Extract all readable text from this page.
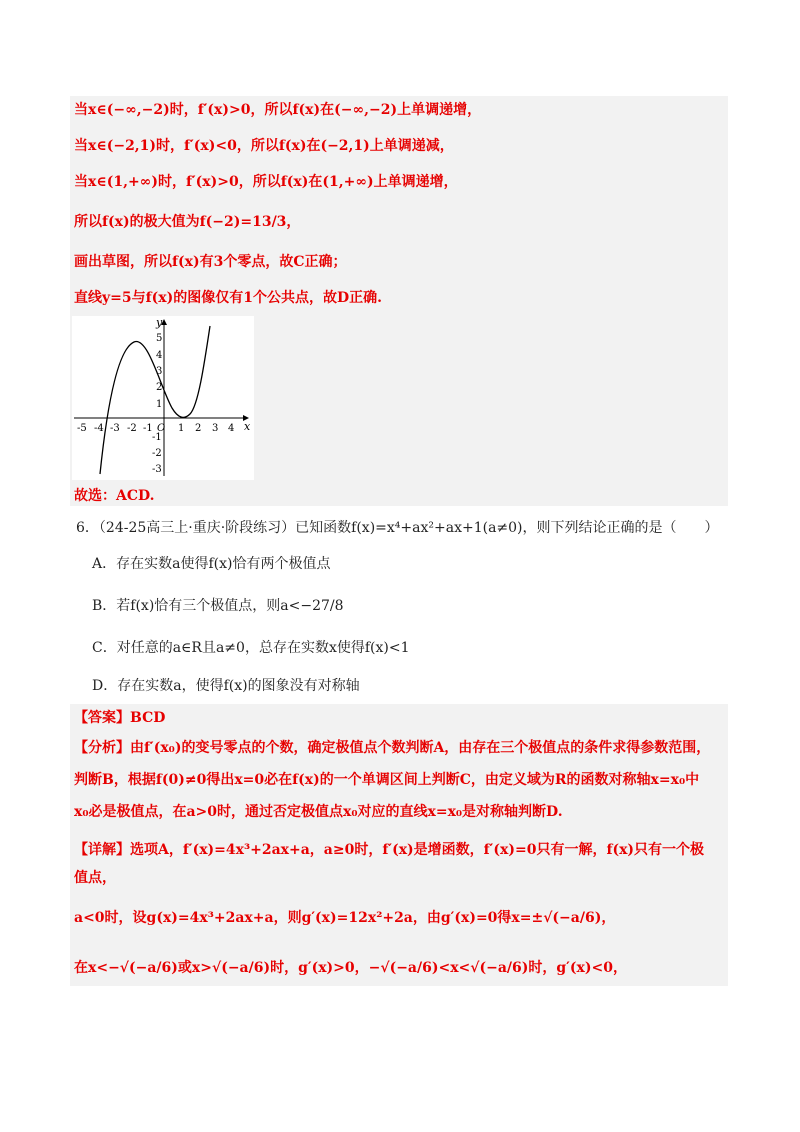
当x∈(−∞,−2)时，f′(x)>0，所以f(x)在(−∞,−2)上单调递增，
当x∈(−2,1)时，f′(x)<0，所以f(x)在(−2,1)上单调递减，
当x∈(1,+∞)时，f′(x)>0，所以f(x)在(1,+∞)上单调递增，
所以f(x)的极大值为f(−2)=13/3，
画出草图，所以f(x)有3个零点，故C正确；
直线y=5与f(x)的图像仅有1个公共点，故D正确.
x
y
O
-5 -4 -3 -2 -1	1 2 3 4
5
4
3
2
1
-1
-2
-3
故选：ACD.
6．（24-25高三上·重庆·阶段练习）已知函数f(x)=x⁴+ax²+ax+1(a≠0)，则下列结论正确的是（　　）
A．存在实数a使得f(x)恰有两个极值点
B．若f(x)恰有三个极值点，则a<−27/8
C．对任意的a∈R且a≠0，总存在实数x使得f(x)<1
D．存在实数a，使得f(x)的图象没有对称轴
【答案】BCD
【分析】由f′(x₀)的变号零点的个数，确定极值点个数判断A，由存在三个极值点的条件求得参数范围，
判断B，根据f(0)≠0得出x=0必在f(x)的一个单调区间上判断C，由定义域为R的函数对称轴x=x₀中
x₀必是极值点，在a>0时，通过否定极值点x₀对应的直线x=x₀是对称轴判断D.
【详解】选项A，f′(x)=4x³+2ax+a，a≥0时，f′(x)是增函数，f′(x)=0只有一解，f(x)只有一个极
值点，
a<0时，设g(x)=4x³+2ax+a，则g′(x)=12x²+2a，由g′(x)=0得x=±√(−a/6)，
在x<−√(−a/6)或x>√(−a/6)时，g′(x)>0，−√(−a/6)<x<√(−a/6)时，g′(x)<0，
